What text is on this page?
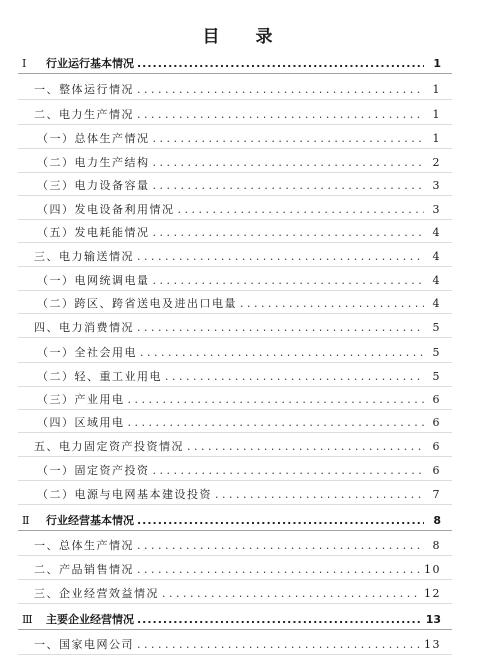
目 录
Ⅰ	行业运行基本情况 .....	1
一、整体运行情况 . . .	1
二、电力生产情况 . . .	1
（一）总体生产情况 . . .	1
（二）电力生产结构 . . .	2
（三）电力设备容量 . . .	3
（四）发电设备利用情况 . . .	3
（五）发电耗能情况 . . .	4
三、电力输送情况 . . .	4
（一）电网统调电量 . . .	4
（二）跨区、跨省送电及进出口电量 . . .	4
四、电力消费情况 . . .	5
（一）全社会用电 . . .	5
（二）轻、重工业用电 . . .	5
（三）产业用电 . . .	6
（四）区域用电 . . .	6
五、电力固定资产投资情况 . . .	6
（一）固定资产投资 . . .	6
（二）电源与电网基本建设投资 . . .	7
Ⅱ	行业经营基本情况 .....	8
一、总体生产情况 . . .	8
二、产品销售情况 . . .	10
三、企业经营效益情况 . . .	12
Ⅲ	主要企业经营情况 .....	13
一、国家电网公司 . . .	13
